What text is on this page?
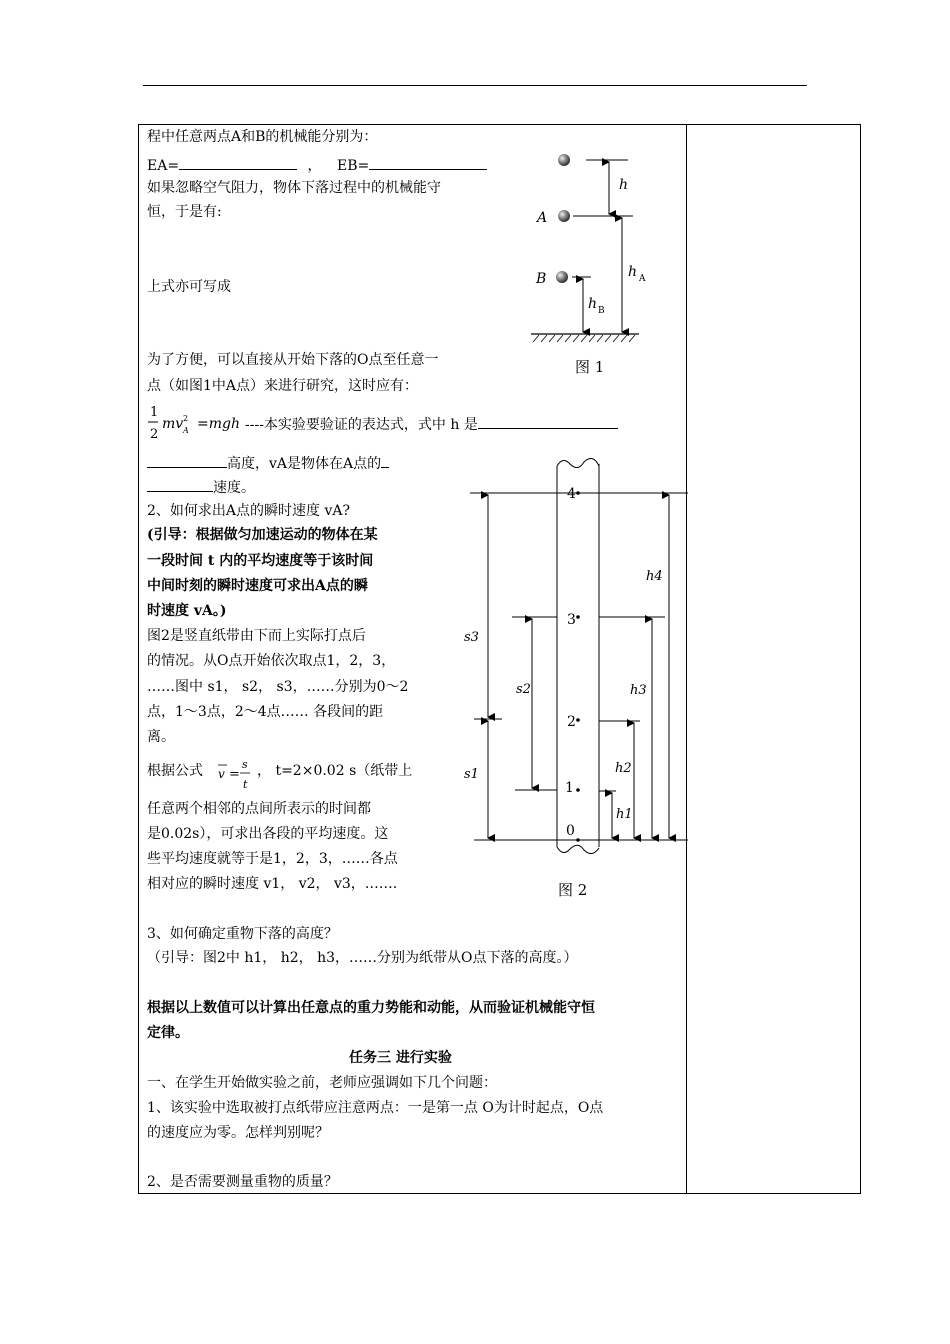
程中任意两点A和B的机械能分别为：
EA=	， EB=
如果忽略空气阻力，物体下落过程中的机械能守
恒，于是有:
上式亦可写成
为了方便，可以直接从开始下落的O点至任意一
点（如图1中A点）来进行研究，这时应有：
1
2
mv 2
A =mgh ----本实验要验证的表达式，式中 h 是
高度，vA是物体在A点的
速度。
2、如何求出A点的瞬时速度 vA?
(引导：根据做匀加速运动的物体在某
一段时间 t 内的平均速度等于该时间
中间时刻的瞬时速度可求出A点的瞬
时速度 vA。)
图2是竖直纸带由下而上实际打点后
的情况。从O点开始依次取点1，2，3，
……图中 s1， s2， s3，……分别为0～2
点，1～3点，2～4点…… 各段间的距
离。
根据公式 v =
s
t
， t=2×0.02 s（纸带上
任意两个相邻的点间所表示的时间都
是0.02s），可求出各段的平均速度。这
些平均速度就等于是1，2，3，……各点
相对应的瞬时速度 v1， v2， v3，…….
3、如何确定重物下落的高度？
（引导：图2中 h1， h2， h3，……分别为纸带从O点下落的高度。）
根据以上数值可以计算出任意点的重力势能和动能，从而验证机械能守恒
定律。
任务三 进行实验
一、在学生开始做实验之前，老师应强调如下几个问题：
1、该实验中选取被打点纸带应注意两点：一是第一点 O为计时起点，O点
的速度应为零。怎样判别呢？
2、是否需要测量重物的质量？
A
B
h
h A
h B
图 1
4
3
2
1
0
s3
s2
s1
h4
h3
h2
h1
图 2
